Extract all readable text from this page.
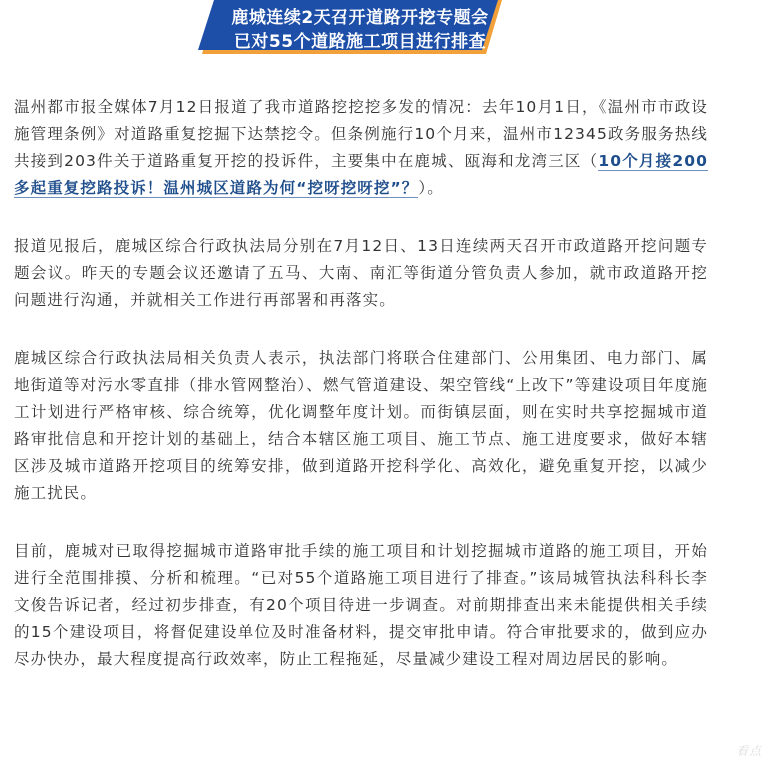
鹿城连续2天召开道路开挖专题会
已对55个道路施工项目进行排查

温州都市报全媒体7月12日报道了我市道路挖挖挖多发的情况：去年10月1日，《温州市市政设施管理条例》对道路重复挖掘下达禁挖令。但条例施行10个月来，温州市12345政务服务热线共接到203件关于道路重复开挖的投诉件，主要集中在鹿城、瓯海和龙湾三区（10个月接200多起重复挖路投诉！温州城区道路为何“挖呀挖呀挖”？）。

报道见报后，鹿城区综合行政执法局分别在7月12日、13日连续两天召开市政道路开挖问题专题会议。昨天的专题会议还邀请了五马、大南、南汇等街道分管负责人参加，就市政道路开挖问题进行沟通，并就相关工作进行再部署和再落实。

鹿城区综合行政执法局相关负责人表示，执法部门将联合住建部门、公用集团、电力部门、属地街道等对污水零直排（排水管网整治）、燃气管道建设、架空管线“上改下”等建设项目年度施工计划进行严格审核、综合统筹，优化调整年度计划。而街镇层面，则在实时共享挖掘城市道路审批信息和开挖计划的基础上，结合本辖区施工项目、施工节点、施工进度要求，做好本辖区涉及城市道路开挖项目的统筹安排，做到道路开挖科学化、高效化，避免重复开挖，以减少施工扰民。

目前，鹿城对已取得挖掘城市道路审批手续的施工项目和计划挖掘城市道路的施工项目，开始进行全范围排摸、分析和梳理。“已对55个道路施工项目进行了排查。”该局城管执法科科长李文俊告诉记者，经过初步排查，有20个项目待进一步调查。对前期排查出来未能提供相关手续的15个建设项目，将督促建设单位及时准备材料，提交审批申请。符合审批要求的，做到应办尽办快办，最大程度提高行政效率，防止工程拖延，尽量减少建设工程对周边居民的影响。

看点
